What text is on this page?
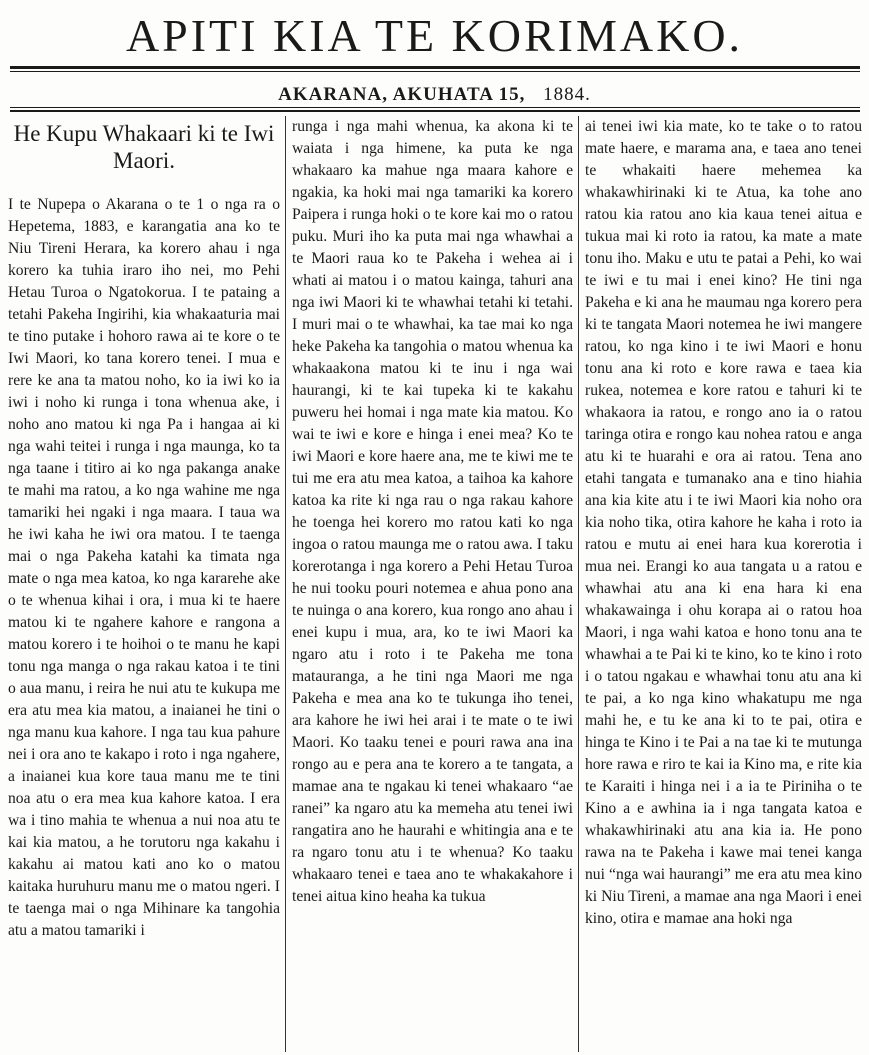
APITI KIA TE KORIMAKO.
AKARANA, AKUHATA 15, 1884.
He Kupu Whakaari ki te Iwi Maori.

I te Nupepa o Akarana o te 1 o nga ra o Hepetema, 1883, e karangatia ana ko te Niu Tireni Herara, ka korero ahau i nga korero ka tuhia iraro iho nei, mo Pehi Hetau Turoa o Ngatokorua. I te pataing a tetahi Pakeha Ingirihi, kia whakaaturia mai te tino putake i hohoro rawa ai te kore o te Iwi Maori, ko tana korero tenei. I mua e rere ke ana ta matou noho, ko ia iwi ko ia iwi i noho ki runga i tona whenua ake, i noho ano matou ki nga Pa i hangaa ai ki nga wahi teitei i runga i nga maunga, ko ta nga taane i titiro ai ko nga pakanga anake te mahi ma ratou, a ko nga wahine me nga tamariki hei ngaki i nga maara. I taua wa he iwi kaha he iwi ora matou. I te taenga mai o nga Pakeha katahi ka timata nga mate o nga mea katoa, ko nga kararehe ake o te whenua kihai i ora, i mua ki te haere matou ki te ngahere kahore e rangona a matou korero i te hoihoi o te manu he kapi tonu nga manga o nga rakau katoa i te tini o aua manu, i reira he nui atu te kukupa me era atu mea kia matou, a inaianei he tini o nga manu kua kahore. I nga tau kua pahure nei i ora ano te kakapo i roto i nga ngahere, a inaianei kua kore taua manu me te tini noa atu o era mea kua kahore katoa. I era wa i tino mahia te whenua a nui noa atu te kai kia matou, a he torutoru nga kakahu i kakahu ai matou kati ano ko o matou kaitaka huruhuru manu me o matou ngeri. I te taenga mai o nga Mihinare ka tangohia atu a matou tamariki i

runga i nga mahi whenua, ka akona ki te waiata i nga himene, ka puta ke nga whakaaro ka mahue nga maara kahore e ngakia, ka hoki mai nga tamariki ka korero Paipera i runga hoki o te kore kai mo o ratou puku. Muri iho ka puta mai nga whawhai a te Maori raua ko te Pakeha i wehea ai i whati ai matou i o matou kainga, tahuri ana nga iwi Maori ki te whawhai tetahi ki tetahi. I muri mai o te whawhai, ka tae mai ko nga heke Pakeha ka tangohia o matou whenua ka whakaakona matou ki te inu i nga wai haurangi, ki te kai tupeka ki te kakahu puweru hei homai i nga mate kia matou. Ko wai te iwi e kore e hinga i enei mea? Ko te iwi Maori e kore haere ana, me te kiwi me te tui me era atu mea katoa, a taihoa ka kahore katoa ka rite ki nga rau o nga rakau kahore he toenga hei korero mo ratou kati ko nga ingoa o ratou maunga me o ratou awa. I taku korerotanga i nga korero a Pehi Hetau Turoa he nui tooku pouri notemea e ahua pono ana te nuinga o ana korero, kua rongo ano ahau i enei kupu i mua, ara, ko te iwi Maori ka ngaro atu i roto i te Pakeha me tona matauranga, a he tini nga Maori me nga Pakeha e mea ana ko te tukunga iho tenei, ara kahore he iwi hei arai i te mate o te iwi Maori. Ko taaku tenei e pouri rawa ana ina rongo au e pera ana te korero a te tangata, a mamae ana te ngakau ki tenei whakaaro “ae ranei” ka ngaro atu ka memeha atu tenei iwi rangatira ano he haurahi e whitingia ana e te ra ngaro tonu atu i te whenua? Ko taaku whakaaro tenei e taea ano te whakakahore i tenei aitua kino heaha ka tukua

ai tenei iwi kia mate, ko te take o to ratou mate haere, e marama ana, e taea ano tenei te whakaiti haere mehemea ka whakawhirinaki ki te Atua, ka tohe ano ratou kia ratou ano kia kaua tenei aitua e tukua mai ki roto ia ratou, ka mate a mate tonu iho. Maku e utu te patai a Pehi, ko wai te iwi e tu mai i enei kino? He tini nga Pakeha e ki ana he maumau nga korero pera ki te tangata Maori notemea he iwi mangere ratou, ko nga kino i te iwi Maori e honu tonu ana ki roto e kore rawa e taea kia rukea, notemea e kore ratou e tahuri ki te whakaora ia ratou, e rongo ano ia o ratou taringa otira e rongo kau nohea ratou e anga atu ki te huarahi e ora ai ratou. Tena ano etahi tangata e tumanako ana e tino hiahia ana kia kite atu i te iwi Maori kia noho ora kia noho tika, otira kahore he kaha i roto ia ratou e mutu ai enei hara kua korerotia i mua nei. Erangi ko aua tangata u a ratou e whawhai atu ana ki ena hara ki ena whakawainga i ohu korapa ai o ratou hoa Maori, i nga wahi katoa e hono tonu ana te whawhai a te Pai ki te kino, ko te kino i roto i o tatou ngakau e whawhai tonu atu ana ki te pai, a ko nga kino whakatupu me nga mahi he, e tu ke ana ki to te pai, otira e hinga te Kino i te Pai a na tae ki te mutunga hore rawa e riro te kai ia Kino ma, e rite kia te Karaiti i hinga nei i a ia te Piriniha o te Kino a e awhina ia i nga tangata katoa e whakawhirinaki atu ana kia ia. He pono rawa na te Pakeha i kawe mai tenei kanga nui “nga wai haurangi” me era atu mea kino ki Niu Tireni, a mamae ana nga Maori i enei kino, otira e mamae ana hoki nga
